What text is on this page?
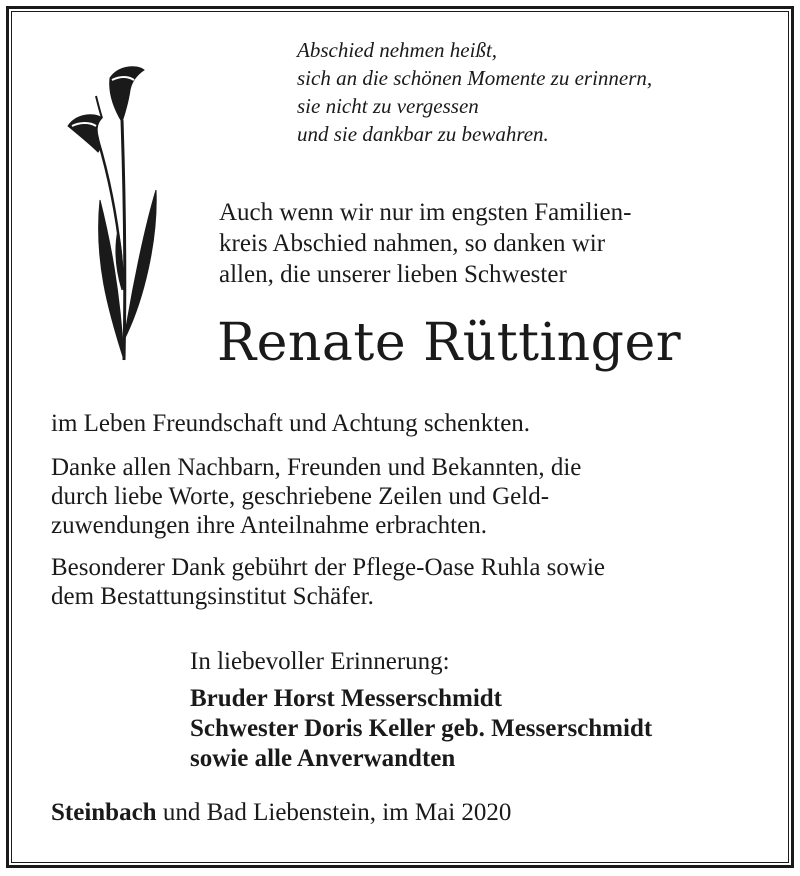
Abschied nehmen heißt,
sich an die schönen Momente zu erinnern,
sie nicht zu vergessen
und sie dankbar zu bewahren.
Auch wenn wir nur im engsten Familien-
kreis Abschied nahmen, so danken wir
allen, die unserer lieben Schwester
Renate Rüttinger
im Leben Freundschaft und Achtung schenkten.
Danke allen Nachbarn, Freunden und Bekannten, die
durch liebe Worte, geschriebene Zeilen und Geld-
zuwendungen ihre Anteilnahme erbrachten.
Besonderer Dank gebührt der Pflege-Oase Ruhla sowie
dem Bestattungsinstitut Schäfer.
In liebevoller Erinnerung:
Bruder Horst Messerschmidt
Schwester Doris Keller geb. Messerschmidt
sowie alle Anverwandten
Steinbach und Bad Liebenstein, im Mai 2020
